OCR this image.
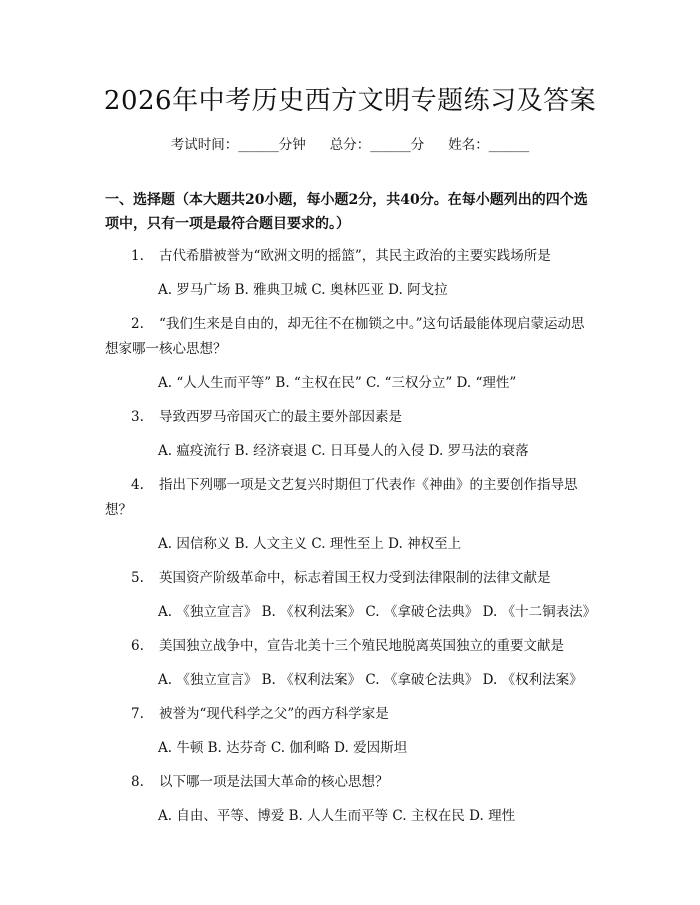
2026年中考历史西方文明专题练习及答案
考试时间：______分钟 总分：______分 姓名：______
一、选择题（本大题共20小题，每小题2分，共40分。在每小题列出的四个选项中，只有一项是最符合题目要求的。）
1. 古代希腊被誉为“欧洲文明的摇篮”，其民主政治的主要实践场所是
A. 罗马广场 B. 雅典卫城 C. 奥林匹亚 D. 阿戈拉
2. “我们生来是自由的，却无往不在枷锁之中。”这句话最能体现启蒙运动思想家哪一核心思想？
A. “人人生而平等” B. “主权在民” C. “三权分立” D. “理性”
3. 导致西罗马帝国灭亡的最主要外部因素是
A. 瘟疫流行 B. 经济衰退 C. 日耳曼人的入侵 D. 罗马法的衰落
4. 指出下列哪一项是文艺复兴时期但丁代表作《神曲》的主要创作指导思想？
A. 因信称义 B. 人文主义 C. 理性至上 D. 神权至上
5. 英国资产阶级革命中，标志着国王权力受到法律限制的法律文献是
A. 《独立宣言》 B. 《权利法案》 C. 《拿破仑法典》 D. 《十二铜表法》
6. 美国独立战争中，宣告北美十三个殖民地脱离英国独立的重要文献是
A. 《独立宣言》 B. 《权利法案》 C. 《拿破仑法典》 D. 《权利法案》
7. 被誉为“现代科学之父”的西方科学家是
A. 牛顿 B. 达芬奇 C. 伽利略 D. 爱因斯坦
8. 以下哪一项是法国大革命的核心思想？
A. 自由、平等、博爱 B. 人人生而平等 C. 主权在民 D. 理性
